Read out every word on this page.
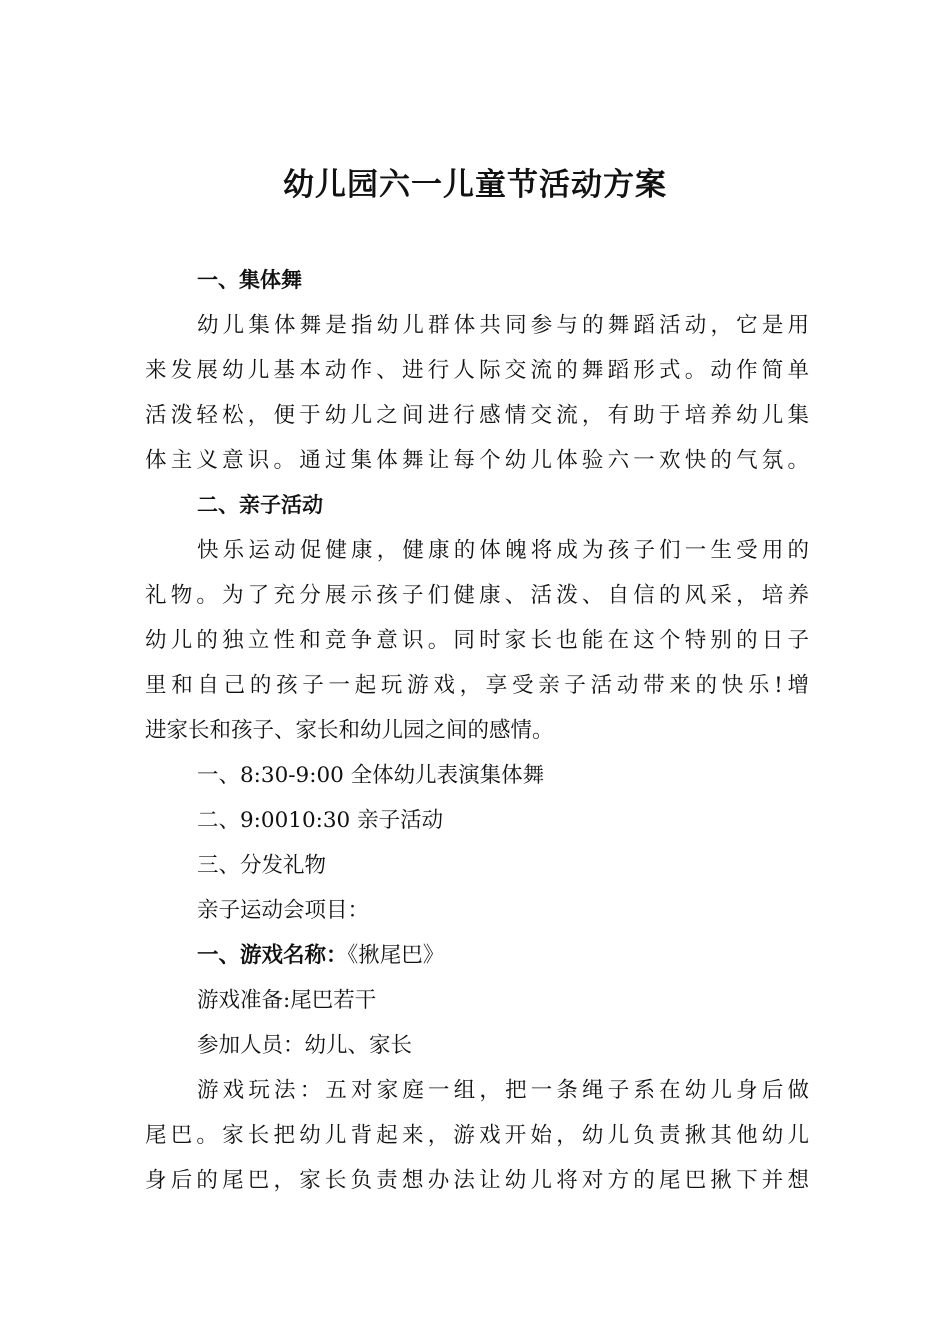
幼儿园六一儿童节活动方案
一、集体舞
幼儿集体舞是指幼儿群体共同参与的舞蹈活动，它是用
来发展幼儿基本动作、进行人际交流的舞蹈形式。动作简单
活泼轻松，便于幼儿之间进行感情交流，有助于培养幼儿集
体主义意识。通过集体舞让每个幼儿体验六一欢快的气氛。
二、亲子活动
快乐运动促健康，健康的体魄将成为孩子们一生受用的
礼物。为了充分展示孩子们健康、活泼、自信的风采，培养
幼儿的独立性和竞争意识。同时家长也能在这个特别的日子
里和自己的孩子一起玩游戏，享受亲子活动带来的快乐!增
进家长和孩子、家长和幼儿园之间的感情。
一、8:30-9:00 全体幼儿表演集体舞
二、9:0010:30 亲子活动
三、分发礼物
亲子运动会项目：
一、游戏名称：《揪尾巴》
游戏准备:尾巴若干
参加人员：幼儿、家长
游戏玩法：五对家庭一组，把一条绳子系在幼儿身后做
尾巴。家长把幼儿背起来，游戏开始，幼儿负责揪其他幼儿
身后的尾巴，家长负责想办法让幼儿将对方的尾巴揪下并想
